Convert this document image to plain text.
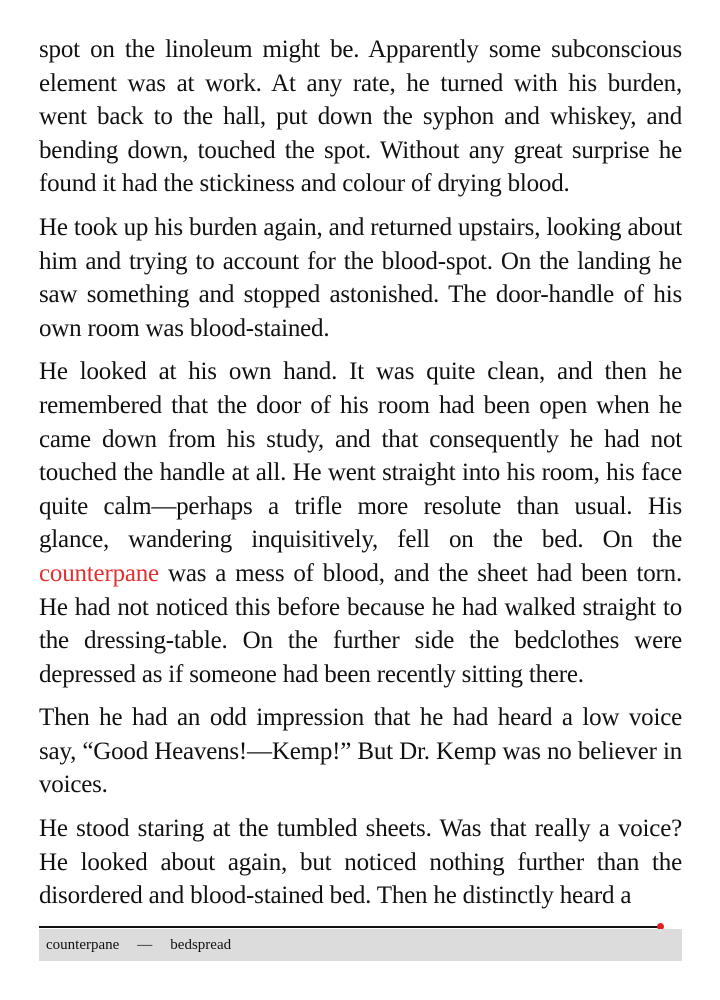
spot on the linoleum might be. Apparently some subconscious element was at work. At any rate, he turned with his burden, went back to the hall, put down the syphon and whiskey, and bending down, touched the spot. Without any great surprise he found it had the stickiness and colour of drying blood.

He took up his burden again, and returned upstairs, looking about him and trying to account for the blood-spot. On the landing he saw something and stopped astonished. The door-handle of his own room was blood-stained.

He looked at his own hand. It was quite clean, and then he remembered that the door of his room had been open when he came down from his study, and that consequently he had not touched the handle at all. He went straight into his room, his face quite calm—perhaps a trifle more resolute than usual. His glance, wandering inquisitively, fell on the bed. On the counterpane was a mess of blood, and the sheet had been torn. He had not noticed this before because he had walked straight to the dressing-table. On the further side the bedclothes were depressed as if someone had been recently sitting there.

Then he had an odd impression that he had heard a low voice say, “Good Heavens!—Kemp!” But Dr. Kemp was no believer in voices.

He stood staring at the tumbled sheets. Was that really a voice? He looked about again, but noticed nothing further than the disordered and blood-stained bed. Then he distinctly heard a

counterpane — bedspread
